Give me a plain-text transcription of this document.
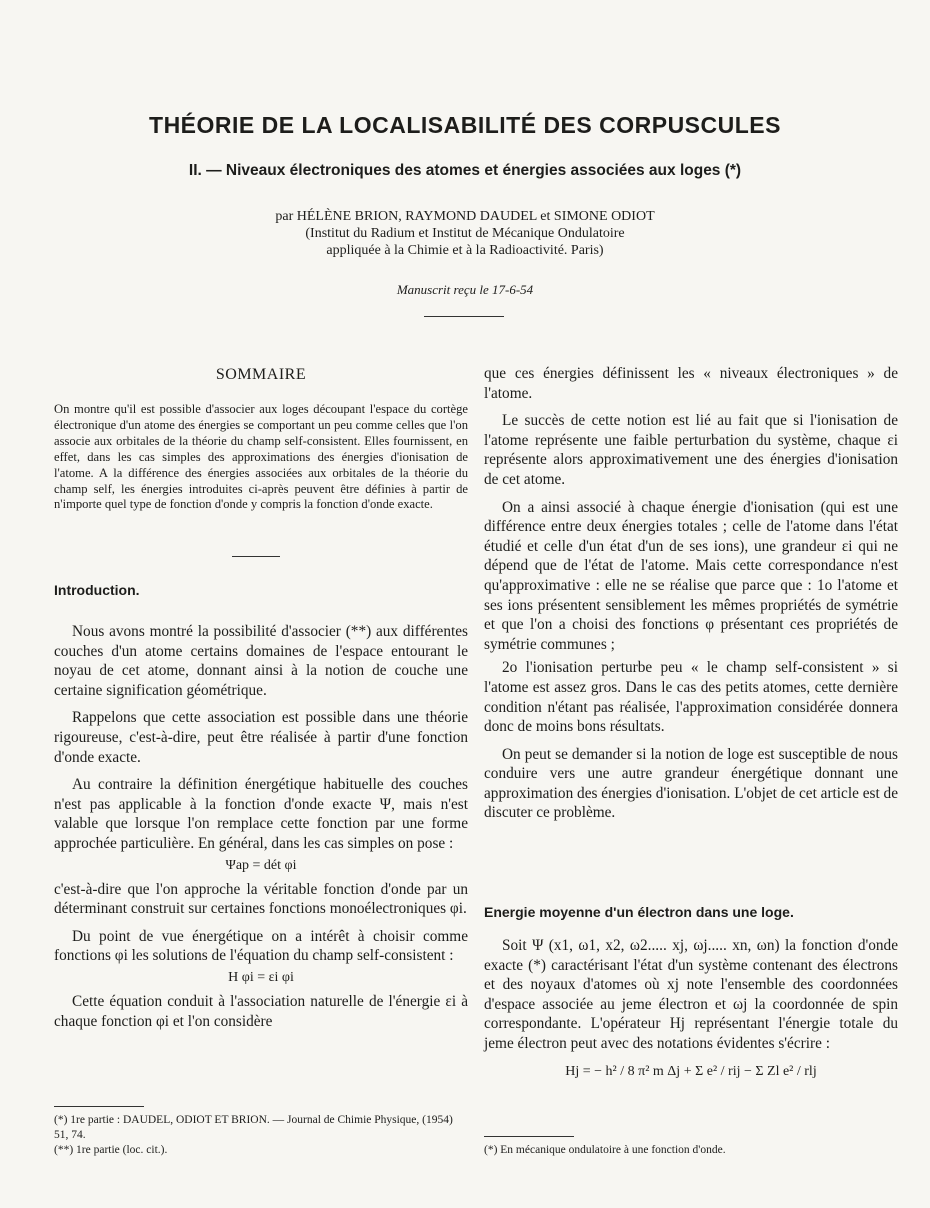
THÉORIE DE LA LOCALISABILITÉ DES CORPUSCULES
II. — Niveaux électroniques des atomes et énergies associées aux loges (*)
par HÉLÈNE BRION, RAYMOND DAUDEL et SIMONE ODIOT
(Institut du Radium et Institut de Mécanique Ondulatoire
appliquée à la Chimie et à la Radioactivité. Paris)
Manuscrit reçu le 17-6-54
SOMMAIRE

On montre qu'il est possible d'associer aux loges découpant l'espace du cortège électronique d'un atome des énergies se comportant un peu comme celles que l'on associe aux orbitales de la théorie du champ self-consistent. Elles fournissent, en effet, dans les cas simples des approximations des énergies d'ionisation de l'atome. A la différence des énergies associées aux orbitales de la théorie du champ self, les énergies introduites ci-après peuvent être définies à partir de n'importe quel type de fonction d'onde y compris la fonction d'onde exacte.

Introduction.

Nous avons montré la possibilité d'associer (**) aux différentes couches d'un atome certains domaines de l'espace entourant le noyau de cet atome, donnant ainsi à la notion de couche une certaine signification géométrique.

Rappelons que cette association est possible dans une théorie rigoureuse, c'est-à-dire, peut être réalisée à partir d'une fonction d'onde exacte.

Au contraire la définition énergétique habituelle des couches n'est pas applicable à la fonction d'onde exacte Ψ, mais n'est valable que lorsque l'on remplace cette fonction par une forme approchée particulière. En général, dans les cas simples on pose :

Ψap = dét φi

c'est-à-dire que l'on approche la véritable fonction d'onde par un déterminant construit sur certaines fonctions monoélectroniques φi.

Du point de vue énergétique on a intérêt à choisir comme fonctions φi les solutions de l'équation du champ self-consistent :

H φi = εi φi

Cette équation conduit à l'association naturelle de l'énergie εi à chaque fonction φi et l'on considère

(*) 1re partie : DAUDEL, ODIOT ET BRION. — Journal de Chimie Physique, (1954) 51, 74.

(**) 1re partie (loc. cit.).

que ces énergies définissent les « niveaux électroniques » de l'atome.

Le succès de cette notion est lié au fait que si l'ionisation de l'atome représente une faible perturbation du système, chaque εi représente alors approximativement une des énergies d'ionisation de cet atome.

On a ainsi associé à chaque énergie d'ionisation (qui est une différence entre deux énergies totales ; celle de l'atome dans l'état étudié et celle d'un état d'un de ses ions), une grandeur εi qui ne dépend que de l'état de l'atome. Mais cette correspondance n'est qu'approximative : elle ne se réalise que parce que : 1o l'atome et ses ions présentent sensiblement les mêmes propriétés de symétrie et que l'on a choisi des fonctions φ présentant ces propriétés de symétrie communes ;

2o l'ionisation perturbe peu « le champ self-consistent » si l'atome est assez gros. Dans le cas des petits atomes, cette dernière condition n'étant pas réalisée, l'approximation considérée donnera donc de moins bons résultats.

On peut se demander si la notion de loge est susceptible de nous conduire vers une autre grandeur énergétique donnant une approximation des énergies d'ionisation. L'objet de cet article est de discuter ce problème.

Energie moyenne d'un électron dans une loge.

Soit Ψ (x1, ω1, x2, ω2..... xj, ωj..... xn, ωn) la fonction d'onde exacte (*) caractérisant l'état d'un système contenant des électrons et des noyaux d'atomes où xj note l'ensemble des coordonnées d'espace associée au jeme électron et ωj la coordonnée de spin correspondante. L'opérateur Hj représentant l'énergie totale du jeme électron peut avec des notations évidentes s'écrire :

Hj = − h² / 8 π² m Δj + Σ e² / rij − Σ Zl e² / rlj

(*) En mécanique ondulatoire à une fonction d'onde.
